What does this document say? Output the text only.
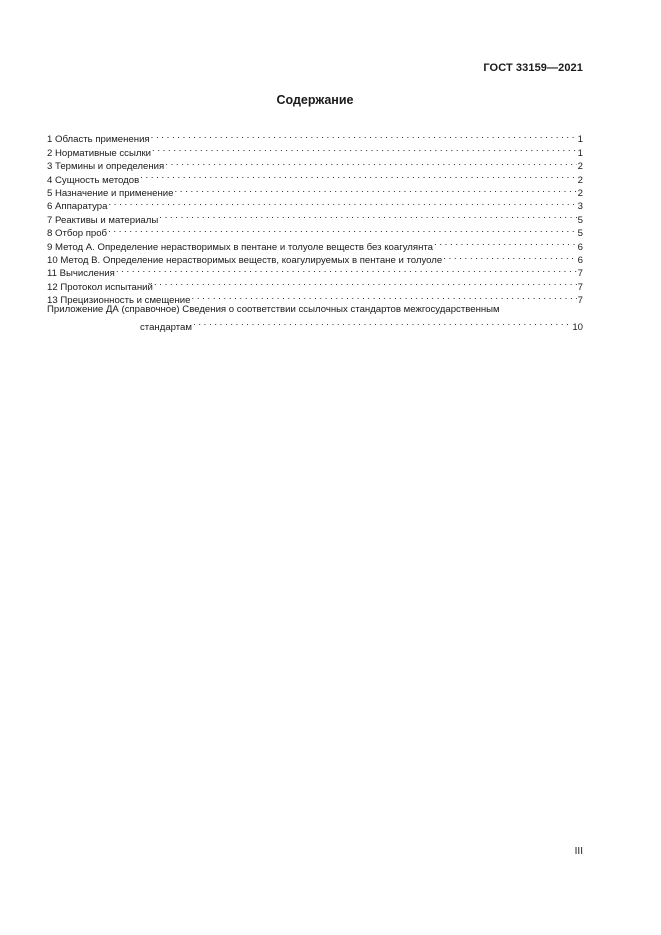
ГОСТ 33159—2021
Содержание
1 Область применения . . .	1
2 Нормативные ссылки . . .	1
3 Термины и определения . . .	2
4 Сущность методов . . .	2
5 Назначение и применение . . .	2
6 Аппаратура . . .	3
7 Реактивы и материалы . . .	5
8 Отбор проб . . .	5
9 Метод А. Определение нерастворимых в пентане и толуоле веществ без коагулянта . . .	6
10 Метод В. Определение нерастворимых веществ, коагулируемых в пентане и толуоле . . .	6
11 Вычисления . . .	7
12 Протокол испытаний . . .	7
13 Прецизионность и смещение . . .	7
Приложение ДА (справочное) Сведения о соответствии ссылочных стандартов межгосударственным
стандартам . . .	10
III
